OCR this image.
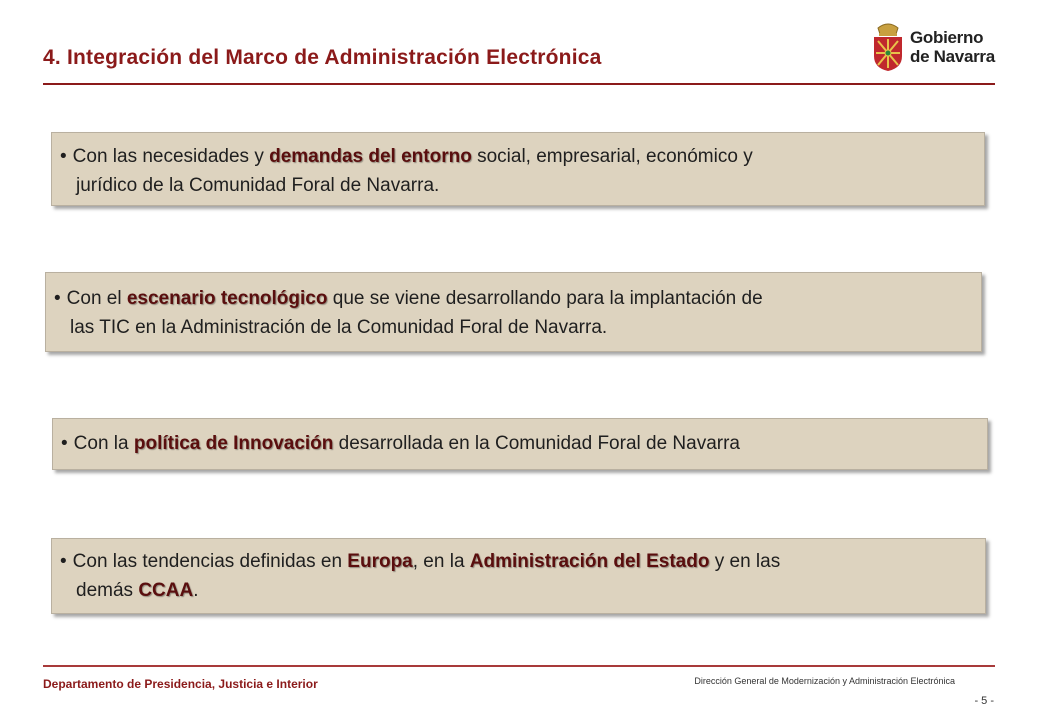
4. Integración del Marco de Administración Electrónica
Gobierno
de Navarra
• Con las necesidades y demandas del entorno social, empresarial, económico y
jurídico de la Comunidad Foral de Navarra.
• Con el escenario tecnológico que se viene desarrollando para la implantación de
las TIC en la Administración de la Comunidad Foral de Navarra.
• Con la política de Innovación desarrollada en la Comunidad Foral de Navarra
• Con las tendencias definidas en Europa, en la Administración del Estado y en las
demás CCAA.
Departamento de Presidencia, Justicia e Interior	Dirección General de Modernización y Administración Electrónica
- 5 -
